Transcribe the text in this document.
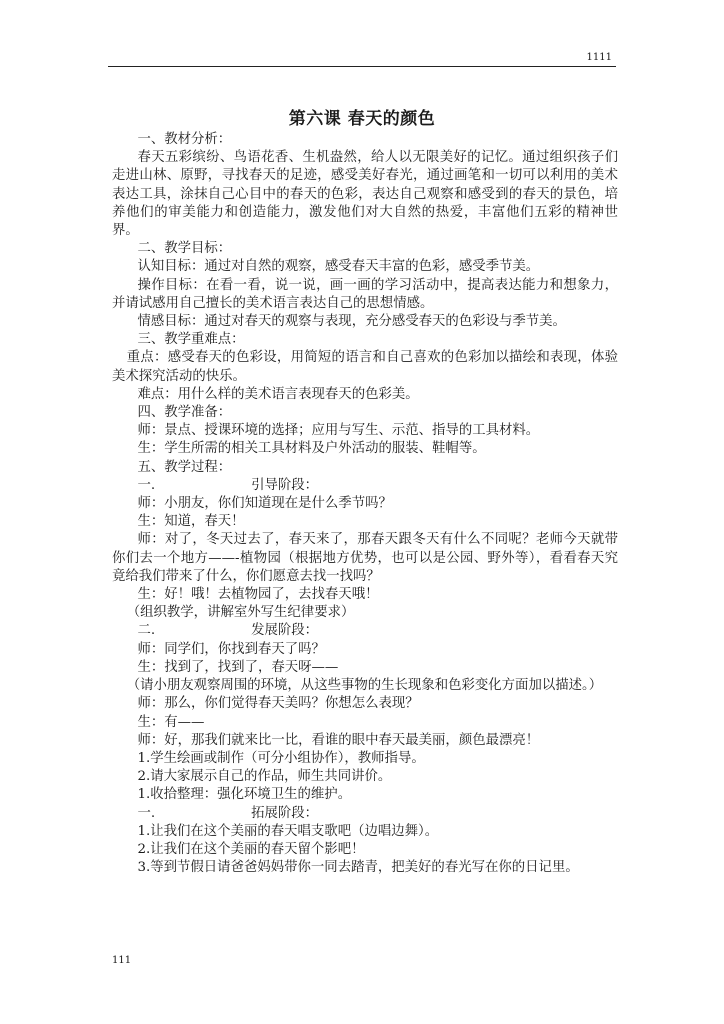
1111
第六课 春天的颜色

一、教材分析：

春天五彩缤纷、鸟语花香、生机盎然，给人以无限美好的记忆。通过组织孩子们走进山林、原野，寻找春天的足迹，感受美好春光，通过画笔和一切可以利用的美术表达工具，涂抹自己心目中的春天的色彩，表达自己观察和感受到的春天的景色，培养他们的审美能力和创造能力，激发他们对大自然的热爱，丰富他们五彩的精神世界。

二、教学目标：

认知目标：通过对自然的观察，感受春天丰富的色彩，感受季节美。

操作目标：在看一看，说一说，画一画的学习活动中，提高表达能力和想象力，并请试感用自己擅长的美术语言表达自己的思想情感。

情感目标：通过对春天的观察与表现，充分感受春天的色彩设与季节美。

三、教学重难点：

重点：感受春天的色彩设，用简短的语言和自己喜欢的色彩加以描绘和表现，体验美术探究活动的快乐。

难点：用什么样的美术语言表现春天的色彩美。

四、教学准备：

师：景点、授课环境的选择；应用与写生、示范、指导的工具材料。

生：学生所需的相关工具材料及户外活动的服装、鞋帽等。

五、教学过程：

一.	引导阶段：

师：小朋友，你们知道现在是什么季节吗？

生：知道，春天！

师：对了，冬天过去了，春天来了，那春天跟冬天有什么不同呢？老师今天就带你们去一个地方——-植物园（根据地方优势，也可以是公园、野外等），看看春天究竟给我们带来了什么，你们愿意去找一找吗？

生：好！哦！去植物园了，去找春天哦！

（组织教学，讲解室外写生纪律要求）

二.	发展阶段：

师：同学们，你找到春天了吗？

生：找到了，找到了，春天呀——

（请小朋友观察周围的环境，从这些事物的生长现象和色彩变化方面加以描述。）

师：那么，你们觉得春天美吗？你想怎么表现？

生：有——

师：好，那我们就来比一比，看谁的眼中春天最美丽，颜色最漂亮！

1.学生绘画或制作（可分小组协作），教师指导。

2.请大家展示自己的作品，师生共同讲价。

1.收拾整理：强化环境卫生的维护。

一.	拓展阶段：

1.让我们在这个美丽的春天唱支歌吧（边唱边舞）。

2.让我们在这个美丽的春天留个影吧！

3.等到节假日请爸爸妈妈带你一同去踏青，把美好的春光写在你的日记里。

111
